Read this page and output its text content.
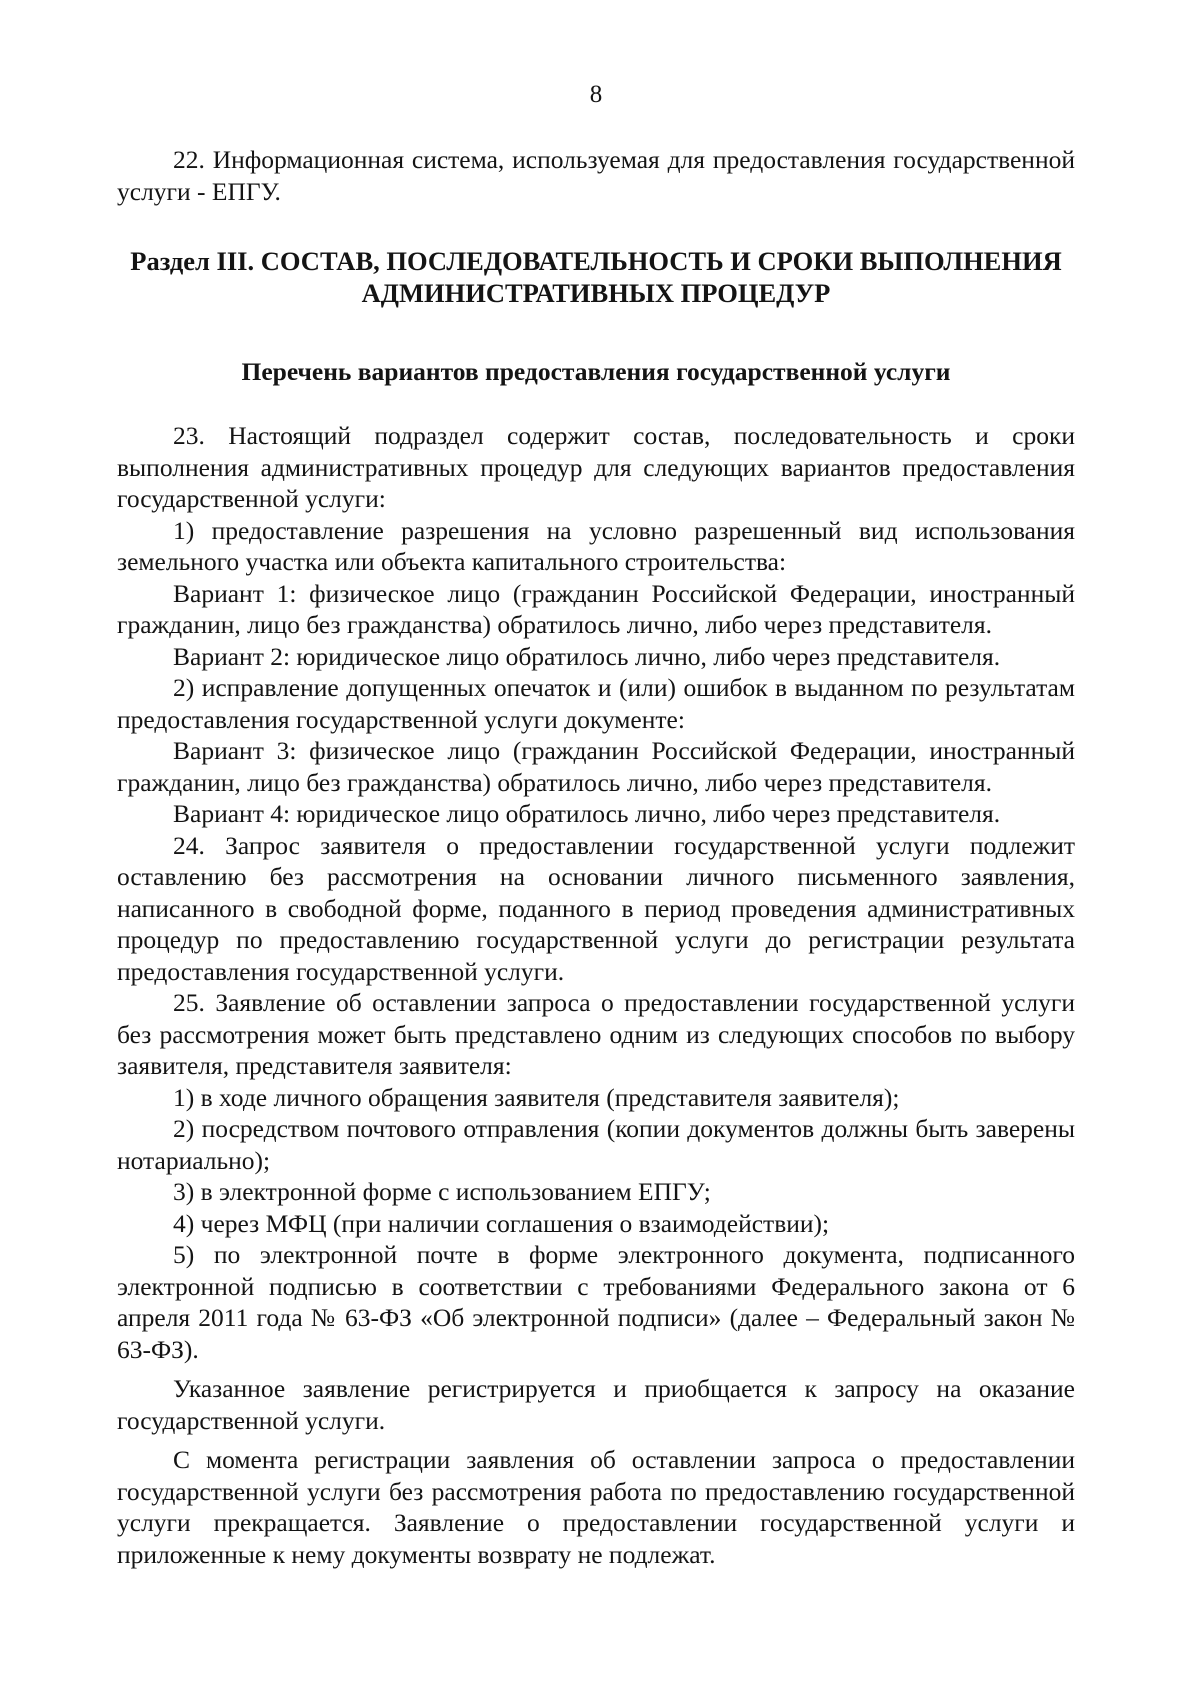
8

22. Информационная система, используемая для предоставления государственной услуги - ЕПГУ.

Раздел III. СОСТАВ, ПОСЛЕДОВАТЕЛЬНОСТЬ И СРОКИ ВЫПОЛНЕНИЯ
АДМИНИСТРАТИВНЫХ ПРОЦЕДУР
Перечень вариантов предоставления государственной услуги

23. Настоящий подраздел содержит состав, последовательность и сроки выполнения административных процедур для следующих вариантов предоставления государственной услуги:

1) предоставление разрешения на условно разрешенный вид использования земельного участка или объекта капитального строительства:

Вариант 1: физическое лицо (гражданин Российской Федерации, иностранный гражданин, лицо без гражданства) обратилось лично, либо через представителя.

Вариант 2: юридическое лицо обратилось лично, либо через представителя.

2) исправление допущенных опечаток и (или) ошибок в выданном по результатам предоставления государственной услуги документе:

Вариант 3: физическое лицо (гражданин Российской Федерации, иностранный гражданин, лицо без гражданства) обратилось лично, либо через представителя.

Вариант 4: юридическое лицо обратилось лично, либо через представителя.

24. Запрос заявителя о предоставлении государственной услуги подлежит оставлению без рассмотрения на основании личного письменного заявления, написанного в свободной форме, поданного в период проведения административных процедур по предоставлению государственной услуги до регистрации результата предоставления государственной услуги.

25. Заявление об оставлении запроса о предоставлении государственной услуги без рассмотрения может быть представлено одним из следующих способов по выбору заявителя, представителя заявителя:

1) в ходе личного обращения заявителя (представителя заявителя);

2) посредством почтового отправления (копии документов должны быть заверены нотариально);

3) в электронной форме с использованием ЕПГУ;

4) через МФЦ (при наличии соглашения о взаимодействии);

5) по электронной почте в форме электронного документа, подписанного электронной подписью в соответствии с требованиями Федерального закона от 6 апреля 2011 года № 63-ФЗ «Об электронной подписи» (далее – Федеральный закон № 63-ФЗ).

Указанное заявление регистрируется и приобщается к запросу на оказание государственной услуги.

С момента регистрации заявления об оставлении запроса о предоставлении государственной услуги без рассмотрения работа по предоставлению государственной услуги прекращается. Заявление о предоставлении государственной услуги и приложенные к нему документы возврату не подлежат.
